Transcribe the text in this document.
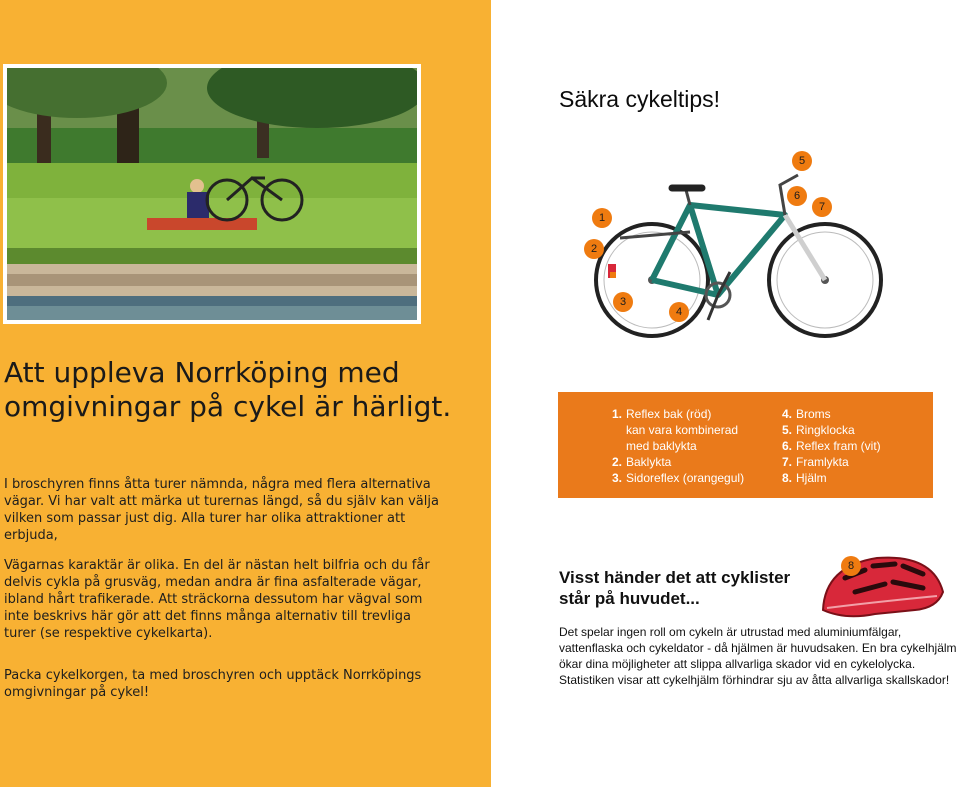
Att uppleva Norrköping med omgivningar på cykel är härligt.

I broschyren finns åtta turer nämnda, några med flera alternativa vägar. Vi har valt att märka ut turernas längd, så du själv kan välja vilken som passar just dig. Alla turer har olika attraktioner att erbjuda,

Vägarnas karaktär är olika. En del är nästan helt bilfria och du får delvis cykla på grusväg, medan andra är fina asfalterade vägar, ibland hårt trafikerade. Att sträckorna dessutom har vägval som inte beskrivs här gör att det finns många alternativ till trevliga turer (se respektive cykelkarta).

Packa cykelkorgen, ta med broschyren och upptäck Norrköpings omgivningar på cykel!

Säkra cykeltips!
5
1
6
7
2
3
4
1. Reflex bak (röd)
kan vara kombinerad
med baklykta
2. Baklykta
3. Sidoreflex (orangegul)
4. Broms
5. Ringklocka
6. Reflex fram (vit)
7. Framlykta
8. Hjälm
Visst händer det att cyklister står på huvudet...
8

Det spelar ingen roll om cykeln är utrustad med aluminiumfälgar, vattenflaska och cykeldator - då hjälmen är huvudsaken. En bra cykelhjälm ökar dina möjligheter att slippa allvarliga skador vid en cykelolycka. Statistiken visar att cykelhjälm förhindrar sju av åtta allvarliga skallskador!
